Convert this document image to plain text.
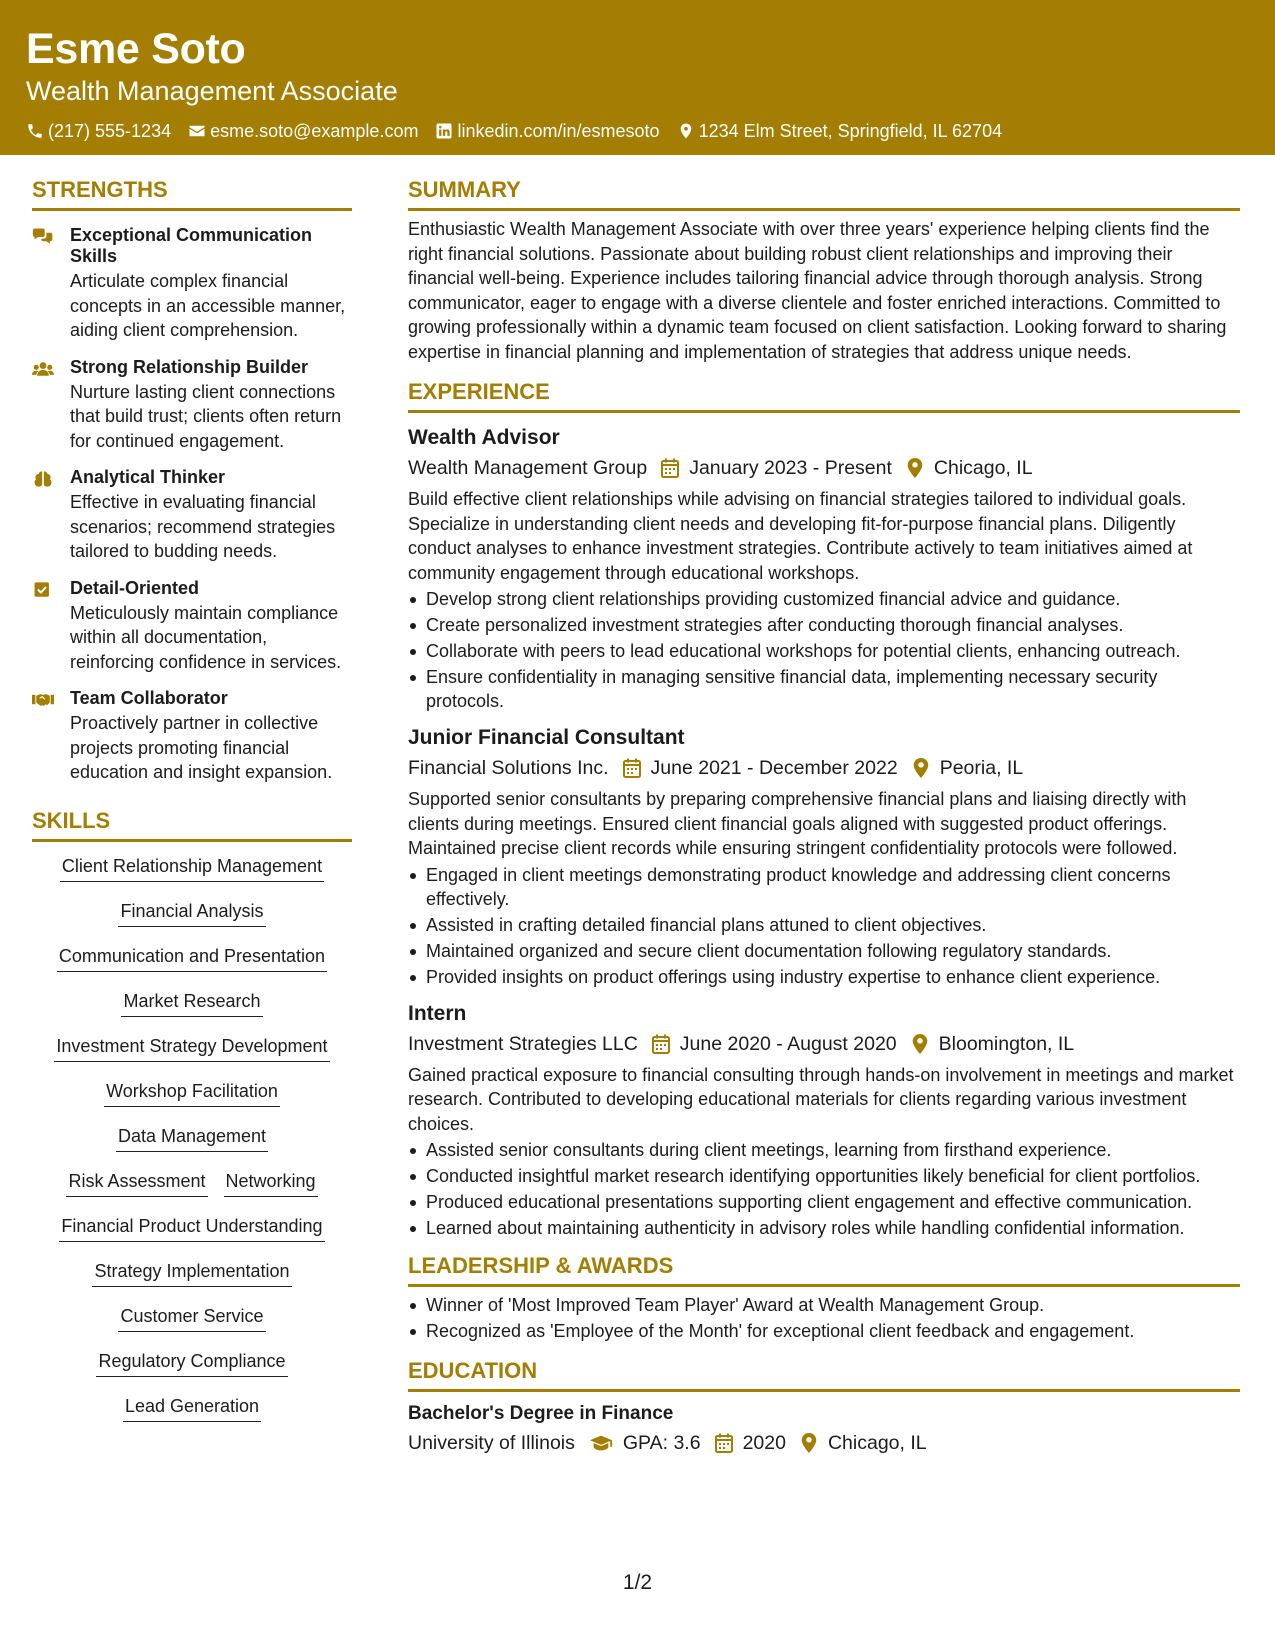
Esme Soto
Wealth Management Associate
(217) 555-1234 esme.soto@example.com linkedin.com/in/esmesoto 1234 Elm Street, Springfield, IL 62704
STRENGTHS
Exceptional Communication Skills
Articulate complex financial concepts in an accessible manner, aiding client comprehension.
Strong Relationship Builder
Nurture lasting client connections that build trust; clients often return for continued engagement.
Analytical Thinker
Effective in evaluating financial scenarios; recommend strategies tailored to budding needs.
Detail-Oriented
Meticulously maintain compliance within all documentation, reinforcing confidence in services.
Team Collaborator
Proactively partner in collective projects promoting financial education and insight expansion.
SKILLS
Client Relationship Management
Financial Analysis
Communication and Presentation
Market Research
Investment Strategy Development
Workshop Facilitation
Data Management
Risk Assessment Networking
Financial Product Understanding
Strategy Implementation
Customer Service
Regulatory Compliance
Lead Generation
SUMMARY
Enthusiastic Wealth Management Associate with over three years' experience helping clients find the right financial solutions. Passionate about building robust client relationships and improving their financial well-being. Experience includes tailoring financial advice through thorough analysis. Strong communicator, eager to engage with a diverse clientele and foster enriched interactions. Committed to growing professionally within a dynamic team focused on client satisfaction. Looking forward to sharing expertise in financial planning and implementation of strategies that address unique needs.
EXPERIENCE
Wealth Advisor
Wealth Management Group January 2023 - Present Chicago, IL
Build effective client relationships while advising on financial strategies tailored to individual goals. Specialize in understanding client needs and developing fit-for-purpose financial plans. Diligently conduct analyses to enhance investment strategies. Contribute actively to team initiatives aimed at community engagement through educational workshops.
Develop strong client relationships providing customized financial advice and guidance.
Create personalized investment strategies after conducting thorough financial analyses.
Collaborate with peers to lead educational workshops for potential clients, enhancing outreach.
Ensure confidentiality in managing sensitive financial data, implementing necessary security protocols.
Junior Financial Consultant
Financial Solutions Inc. June 2021 - December 2022 Peoria, IL
Supported senior consultants by preparing comprehensive financial plans and liaising directly with clients during meetings. Ensured client financial goals aligned with suggested product offerings. Maintained precise client records while ensuring stringent confidentiality protocols were followed.
Engaged in client meetings demonstrating product knowledge and addressing client concerns effectively.
Assisted in crafting detailed financial plans attuned to client objectives.
Maintained organized and secure client documentation following regulatory standards.
Provided insights on product offerings using industry expertise to enhance client experience.
Intern
Investment Strategies LLC June 2020 - August 2020 Bloomington, IL
Gained practical exposure to financial consulting through hands-on involvement in meetings and market research. Contributed to developing educational materials for clients regarding various investment choices.
Assisted senior consultants during client meetings, learning from firsthand experience.
Conducted insightful market research identifying opportunities likely beneficial for client portfolios.
Produced educational presentations supporting client engagement and effective communication.
Learned about maintaining authenticity in advisory roles while handling confidential information.
LEADERSHIP & AWARDS
Winner of 'Most Improved Team Player' Award at Wealth Management Group.
Recognized as 'Employee of the Month' for exceptional client feedback and engagement.
EDUCATION
Bachelor's Degree in Finance
University of Illinois GPA: 3.6 2020 Chicago, IL
1/2
